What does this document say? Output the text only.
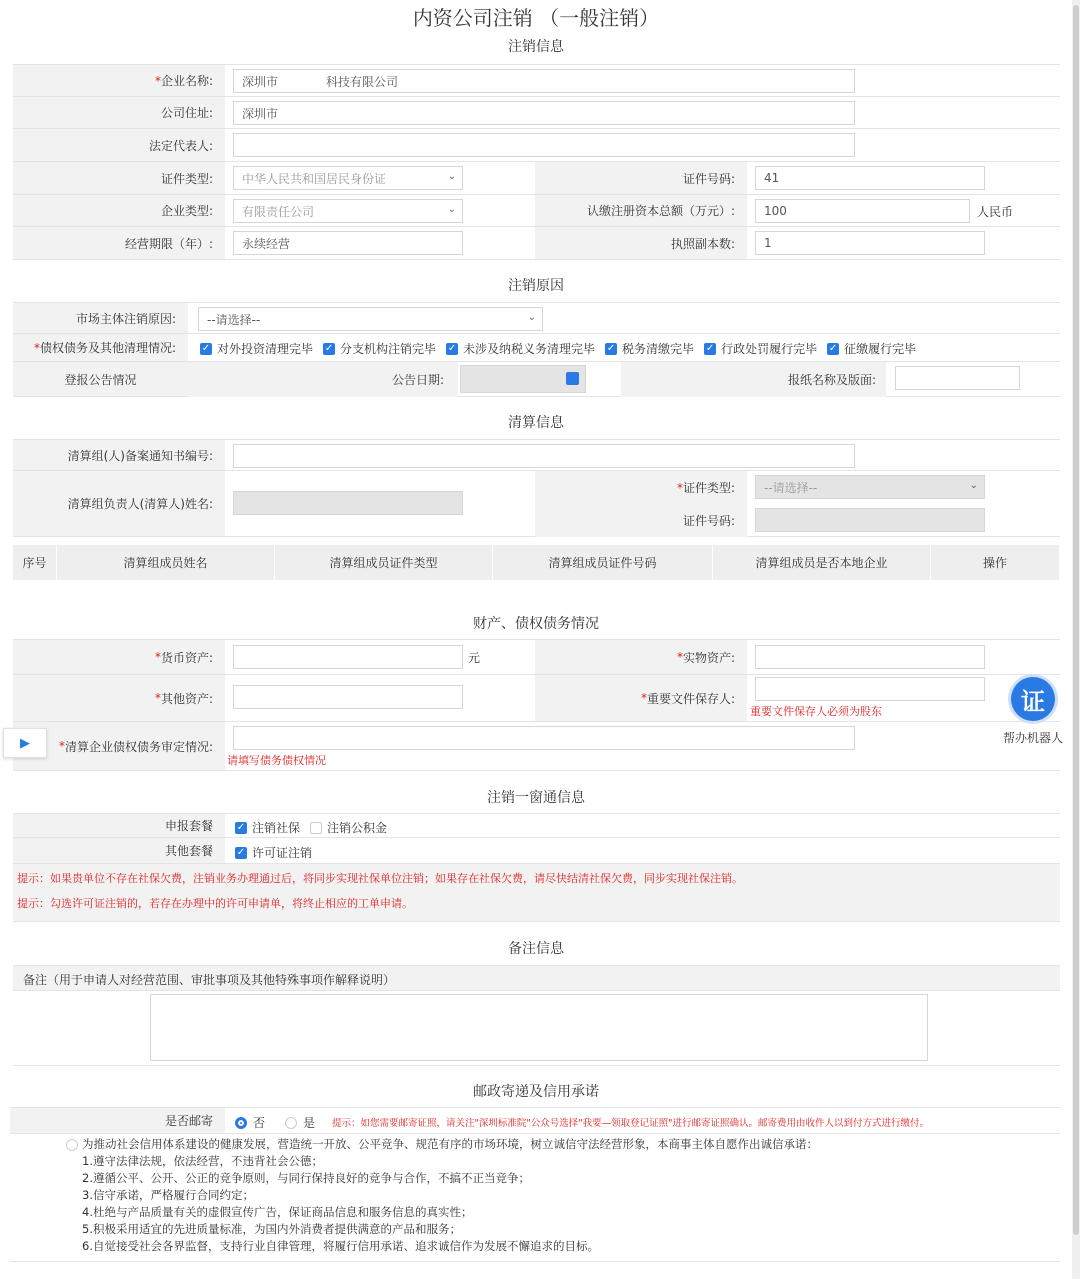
内资公司注销 （一般注销）
注销信息
* 企业名称:	深圳市　　　　科技有限公司
公司住址:	深圳市
法定代表人:
证件类型:	中华人民共和国居民身份证	⌄	证件号码:	41
企业类型:	有限责任公司	⌄	认缴注册资本总额（万元）:	100	人民币
经营期限（年）:	永续经营	执照副本数:	1
注销原因
市场主体注销原因:	--请选择--	⌄
* 债权债务及其他清理情况:	✓ 对外投资清理完毕 ✓ 分支机构注销完毕 ✓ 未涉及纳税义务清理完毕 ✓ 税务清缴完毕 ✓ 行政处罚履行完毕 ✓ 征缴履行完毕
登报公告情况	公告日期:	报纸名称及版面:
清算信息
清算组(人)备案通知书编号:
清算组负责人(清算人)姓名:
* 证件类型: --请选择--	⌄
证件号码:
序号	清算组成员姓名	清算组成员证件类型	清算组成员证件号码	清算组成员是否本地企业	操作
财产、债权债务情况
* 货币资产:	元	* 实物资产:
* 其他资产:	* 重要文件保存人:
重要文件保存人必须为股东
* 清算企业债权债务审定情况:
请填写债务债权情况
▶︎
证
帮办机器人
注销一窗通信息
申报套餐	✓ 注销社保 注销公积金
其他套餐	✓ 许可证注销
提示：如果贵单位不存在社保欠费，注销业务办理通过后，将同步实现社保单位注销；如果存在社保欠费，请尽快结清社保欠费，同步实现社保注销。
提示：勾选许可证注销的，若存在办理中的许可申请单，将终止相应的工单申请。
备注信息
备注（用于申请人对经营范围、审批事项及其他特殊事项作解释说明）
邮政寄递及信用承诺
是否邮寄	否	是 提示：如您需要邮寄证照，请关注"深圳标准院"公众号选择"我要—领取登记证照"进行邮寄证照确认。邮寄费用由收件人以到付方式进行缴付。
为推动社会信用体系建设的健康发展，营造统一开放、公平竞争、规范有序的市场环境，树立诚信守法经营形象，本商事主体自愿作出诚信承诺：
1.遵守法律法规，依法经营，不违背社会公德；
2.遵循公平、公开、公正的竞争原则，与同行保持良好的竞争与合作，不搞不正当竞争；
3.信守承诺，严格履行合同约定；
4.杜绝与产品质量有关的虚假宣传广告，保证商品信息和服务信息的真实性；
5.积极采用适宜的先进质量标准，为国内外消费者提供满意的产品和服务；
6.自觉接受社会各界监督，支持行业自律管理，将履行信用承诺、追求诚信作为发展不懈追求的目标。
